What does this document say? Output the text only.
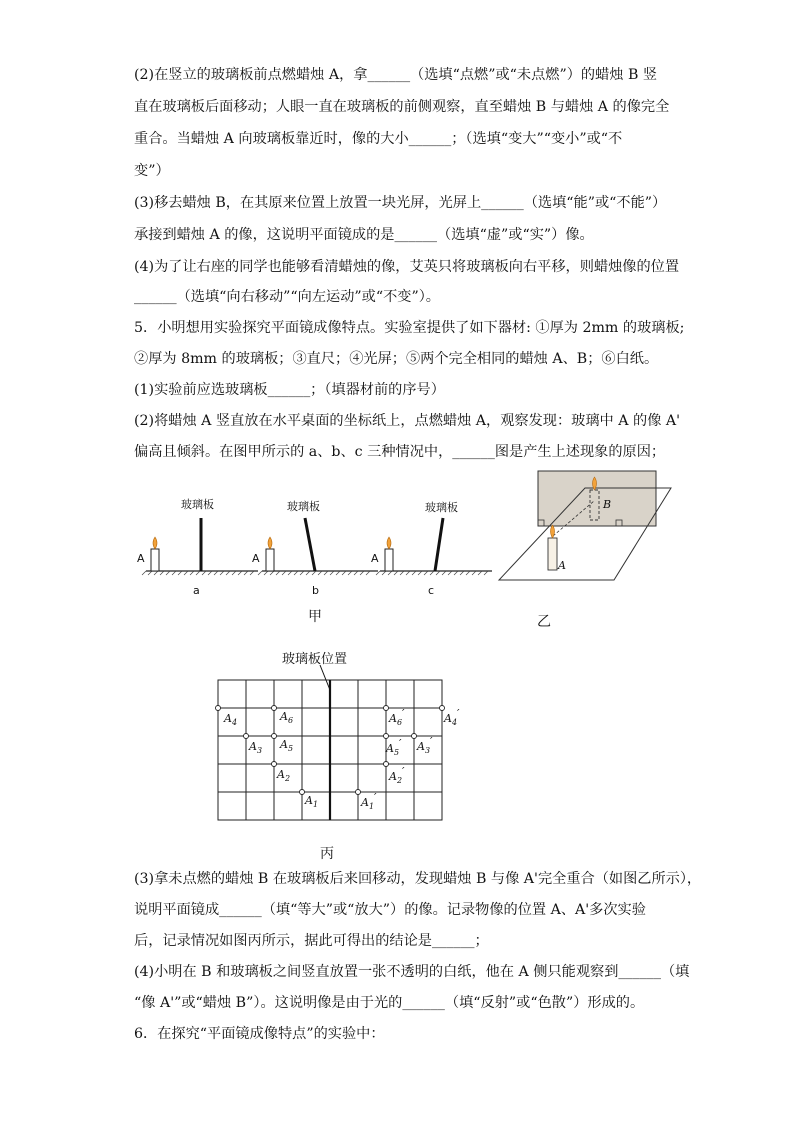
(2)在竖立的玻璃板前点燃蜡烛 A，拿______（选填“点燃”或“未点燃”）的蜡烛 B 竖
直在玻璃板后面移动；人眼一直在玻璃板的前侧观察，直至蜡烛 B 与蜡烛 A 的像完全
重合。当蜡烛 A 向玻璃板靠近时，像的大小______；（选填“变大”“变小”或“不
变”）
(3)移去蜡烛 B，在其原来位置上放置一块光屏，光屏上______（选填“能”或“不能”）
承接到蜡烛 A 的像，这说明平面镜成的是______（选填“虚”或“实”）像。
(4)为了让右座的同学也能够看清蜡烛的像，艾英只将玻璃板向右平移，则蜡烛像的位置
______（选填“向右移动”“向左运动”或“不变”）。
5．小明想用实验探究平面镜成像特点。实验室提供了如下器材: ①厚为 2mm 的玻璃板;
②厚为 8mm 的玻璃板；③直尺；④光屏；⑤两个完全相同的蜡烛 A、B；⑥白纸。
(1)实验前应选玻璃板______；（填器材前的序号）
(2)将蜡烛 A 竖直放在水平桌面的坐标纸上，点燃蜡烛 A，观察发现：玻璃中 A 的像 A'
偏高且倾斜。在图甲所示的 a、b、c 三种情况中，______图是产生上述现象的原因；
玻璃板
A
a
玻璃板
A
b
玻璃板
A
c
甲
B
A
乙
玻璃板位置
$A_1$
$A_2$
$A_3$
$A_4$
$A_5$
$A_6$
$A_1'$
$A_2'$
$A_3'$
$A_4'$
$A_5'$
$A_6'$
丙
(3)拿未点燃的蜡烛 B 在玻璃板后来回移动，发现蜡烛 B 与像 A'完全重合（如图乙所示），
说明平面镜成______（填“等大”或“放大”）的像。记录物像的位置 A、A'多次实验
后，记录情况如图丙所示，据此可得出的结论是______；
(4)小明在 B 和玻璃板之间竖直放置一张不透明的白纸，他在 A 侧只能观察到______（填
“像 A'”或“蜡烛 B”）。这说明像是由于光的______（填“反射”或“色散”）形成的。
6．在探究“平面镜成像特点”的实验中：
